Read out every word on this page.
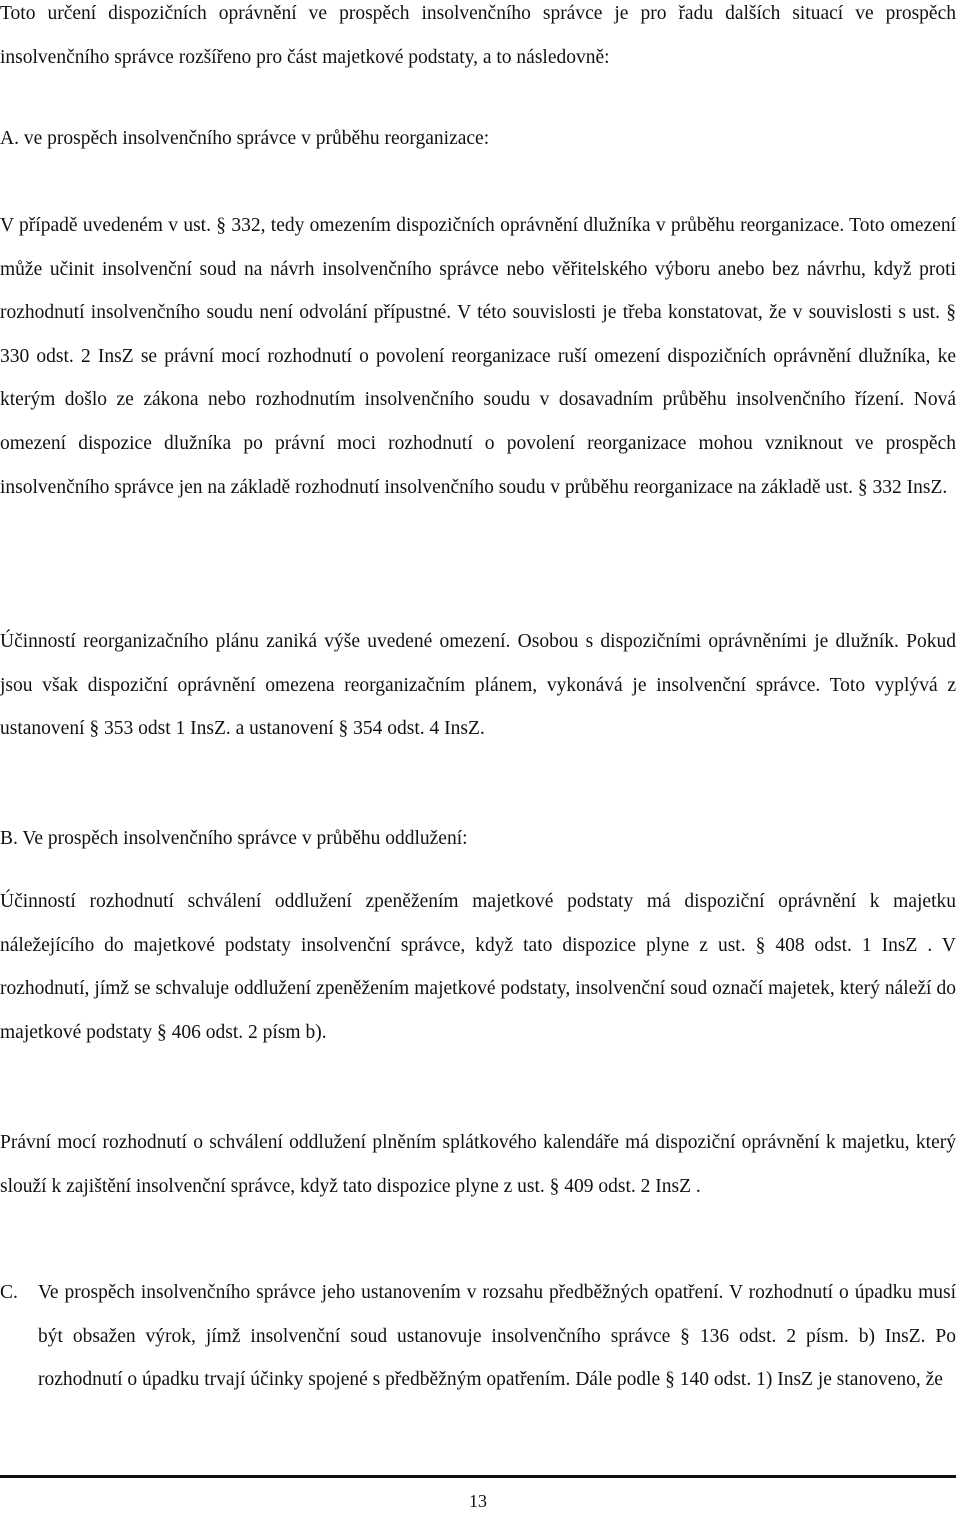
Toto určení dispozičních oprávnění ve prospěch insolvenčního správce je pro řadu dalších situací ve prospěch insolvenčního správce rozšířeno pro část majetkové podstaty, a to následovně:

A. ve prospěch insolvenčního správce v průběhu reorganizace:

V případě uvedeném v ust. § 332, tedy omezením dispozičních oprávnění dlužníka v průběhu reorganizace. Toto omezení může učinit insolvenční soud na návrh insolvenčního správce nebo věřitelského výboru anebo bez návrhu, když proti rozhodnutí insolvenčního soudu není odvolání přípustné. V této souvislosti je třeba konstatovat, že v souvislosti s ust. § 330 odst. 2 InsZ se právní mocí rozhodnutí o povolení reorganizace ruší omezení dispozičních oprávnění dlužníka, ke kterým došlo ze zákona nebo rozhodnutím insolvenčního soudu v dosavadním průběhu insolvenčního řízení. Nová omezení dispozice dlužníka po právní moci rozhodnutí o povolení reorganizace mohou vzniknout ve prospěch insolvenčního správce jen na základě rozhodnutí insolvenčního soudu v průběhu reorganizace na základě ust. § 332 InsZ.

Účinností reorganizačního plánu zaniká výše uvedené omezení. Osobou s dispozičními oprávněními je dlužník. Pokud jsou však dispoziční oprávnění omezena reorganizačním plánem, vykonává je insolvenční správce. Toto vyplývá z ustanovení § 353 odst 1 InsZ. a ustanovení § 354 odst. 4 InsZ.

B. Ve prospěch insolvenčního správce v průběhu oddlužení:

Účinností rozhodnutí schválení oddlužení zpeněžením majetkové podstaty má dispoziční oprávnění k majetku náležejícího do majetkové podstaty insolvenční správce, když tato dispozice plyne z ust. § 408 odst. 1 InsZ . V rozhodnutí, jímž se schvaluje oddlužení zpeněžením majetkové podstaty, insolvenční soud označí majetek, který náleží do majetkové podstaty § 406 odst. 2 písm b).

Právní mocí rozhodnutí o schválení oddlužení plněním splátkového kalendáře má dispoziční oprávnění k majetku, který slouží k zajištění insolvenční správce, když tato dispozice plyne z ust. § 409 odst. 2 InsZ .

C. Ve prospěch insolvenčního správce jeho ustanovením v rozsahu předběžných opatření. V rozhodnutí o úpadku musí být obsažen výrok, jímž insolvenční soud ustanovuje insolvenčního správce § 136 odst. 2 písm. b) InsZ. Po rozhodnutí o úpadku trvají účinky spojené s předběžným opatřením. Dále podle § 140 odst. 1) InsZ je stanoveno, že

13
